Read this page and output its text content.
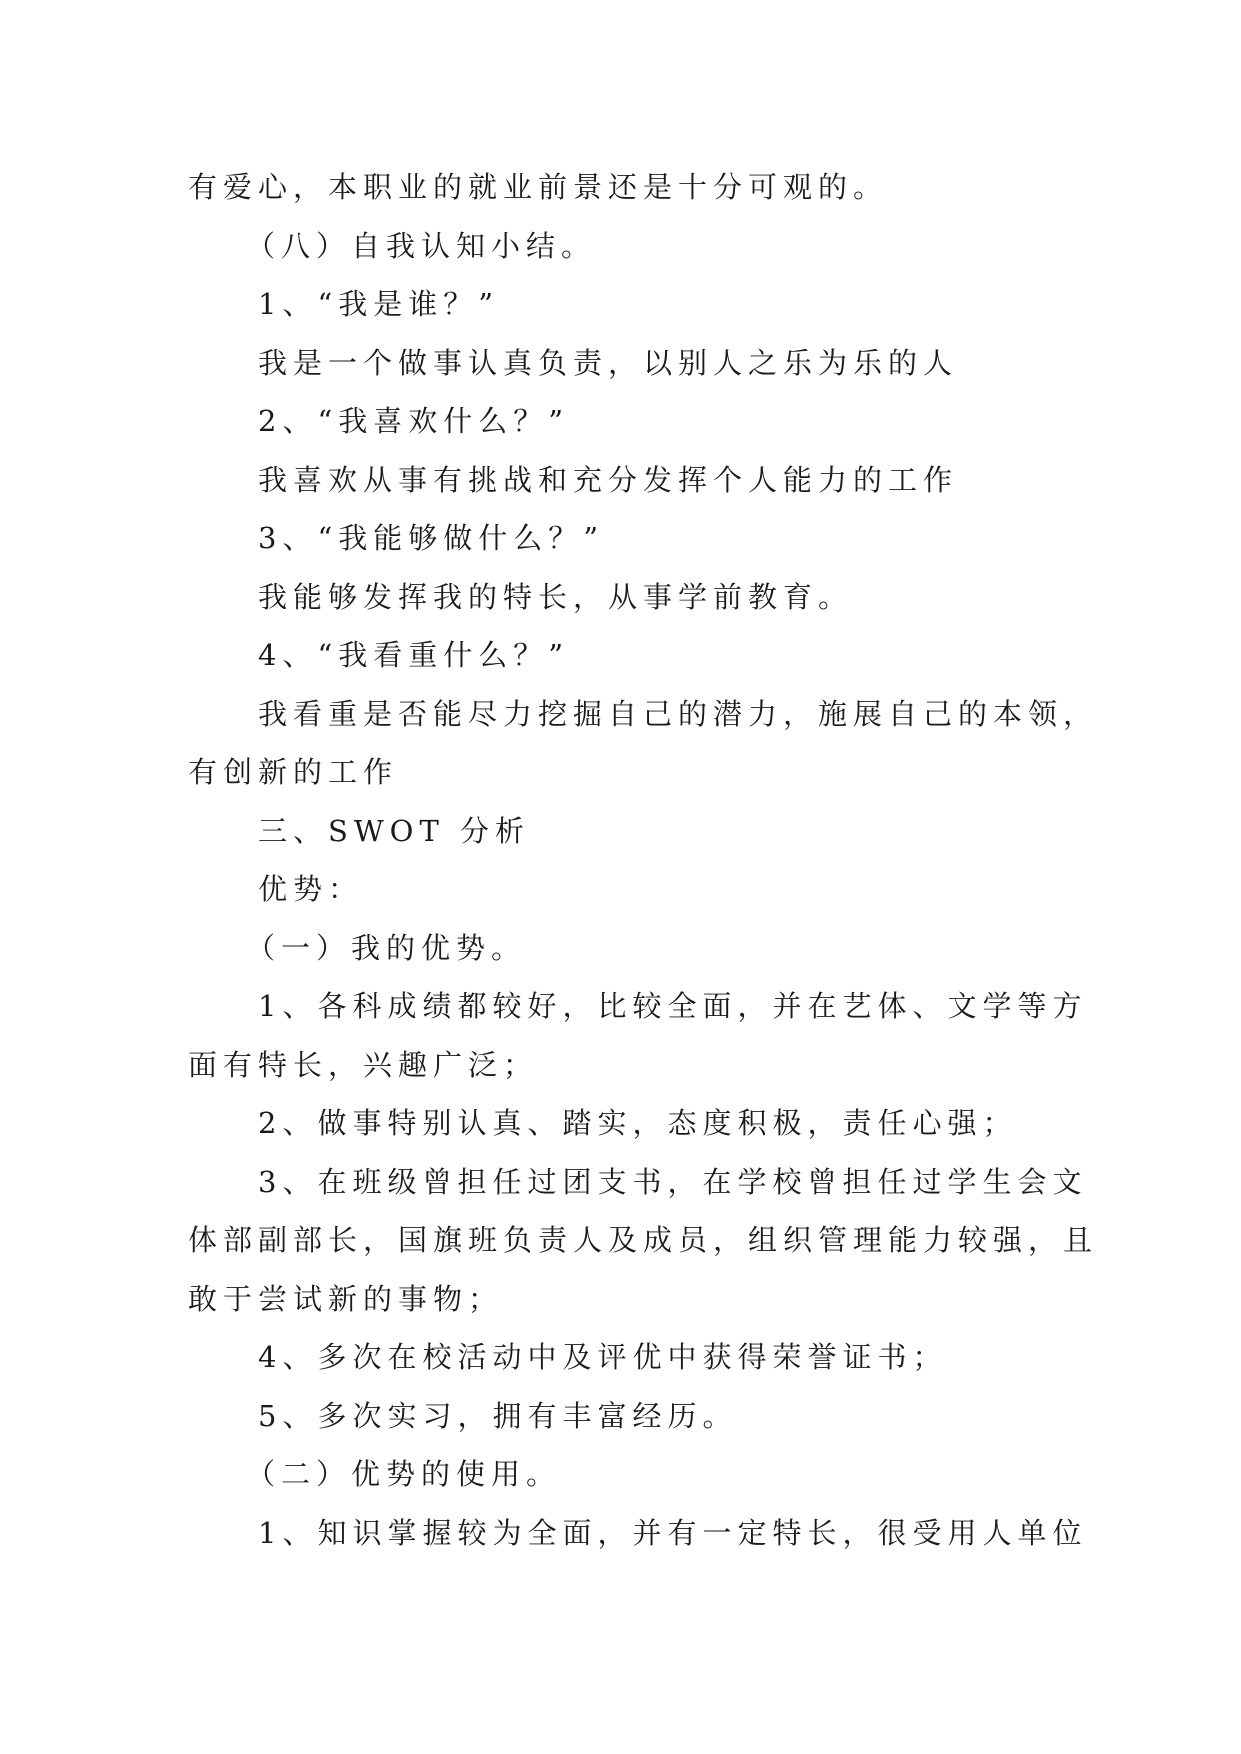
有爱心，本职业的就业前景还是十分可观的。
（八）自我认知小结。
1、“我是谁？”
我是一个做事认真负责，以别人之乐为乐的人
2、“我喜欢什么？”
我喜欢从事有挑战和充分发挥个人能力的工作
3、“我能够做什么？”
我能够发挥我的特长，从事学前教育。
4、“我看重什么？”
我看重是否能尽力挖掘自己的潜力，施展自己的本领，
有创新的工作
三、SWOT 分析
优势：
（一）我的优势。
1、各科成绩都较好，比较全面，并在艺体、文学等方
面有特长，兴趣广泛；
2、做事特别认真、踏实，态度积极，责任心强；
3、在班级曾担任过团支书，在学校曾担任过学生会文
体部副部长，国旗班负责人及成员，组织管理能力较强，且
敢于尝试新的事物；
4、多次在校活动中及评优中获得荣誉证书；
5、多次实习，拥有丰富经历。
（二）优势的使用。
1、知识掌握较为全面，并有一定特长，很受用人单位
